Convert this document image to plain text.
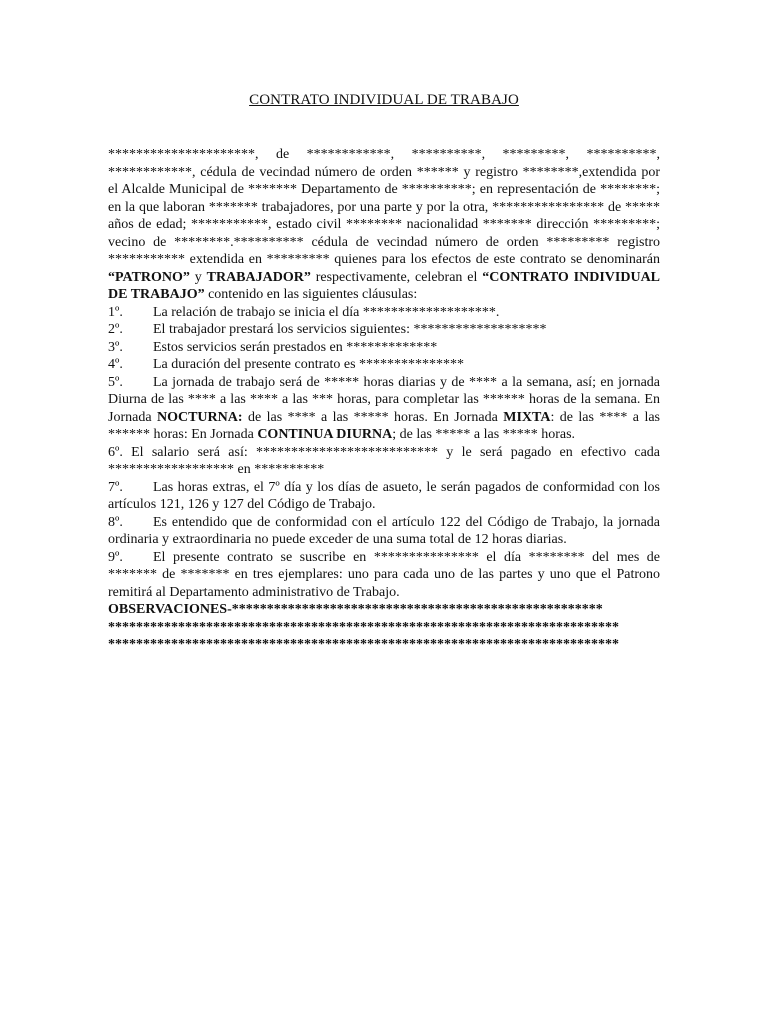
CONTRATO INDIVIDUAL DE TRABAJO
*********************, de ************, **********, *********, **********, ************, cédula de vecindad número de orden ****** y registro ********,extendida por el Alcalde Municipal de ******* Departamento de **********; en representación de ********; en la que laboran ******* trabajadores, por una parte y por la otra, **************** de ***** años de edad; ***********, estado civil ******** nacionalidad ******* dirección *********; vecino de ********.********** cédula de vecindad número de orden ********* registro *********** extendida en ********* quienes para los efectos de este contrato se denominarán “PATRONO” y TRABAJADOR” respectivamente, celebran el “CONTRATO INDIVIDUAL DE TRABAJO” contenido en las siguientes cláusulas:
1º. La relación de trabajo se inicia el día *******************.
2º. El trabajador prestará los servicios siguientes: *******************
3º. Estos servicios serán prestados en *************
4º. La duración del presente contrato es ***************
5º. La jornada de trabajo será de ***** horas diarias y de **** a la semana, así; en jornada Diurna de las **** a las **** a las *** horas, para completar las ****** horas de la semana. En Jornada NOCTURNA: de las **** a las ***** horas. En Jornada MIXTA: de las **** a las ****** horas: En Jornada CONTINUA DIURNA; de las ***** a las ***** horas.
6º. El salario será así: ************************** y le será pagado en efectivo cada ****************** en **********
7º. Las horas extras, el 7º día y los días de asueto, le serán pagados de conformidad con los artículos 121, 126 y 127 del Código de Trabajo.
8º. Es entendido que de conformidad con el artículo 122 del Código de Trabajo, la jornada ordinaria y extraordinaria no puede exceder de una suma total de 12 horas diarias.
9º. El presente contrato se suscribe en *************** el día ******** del mes de ******* de ******* en tres ejemplares: uno para cada uno de las partes y uno que el Patrono remitirá al Departamento administrativo de Trabajo.
OBSERVACIONES-*****************************************************
*************************************************************************
*************************************************************************
